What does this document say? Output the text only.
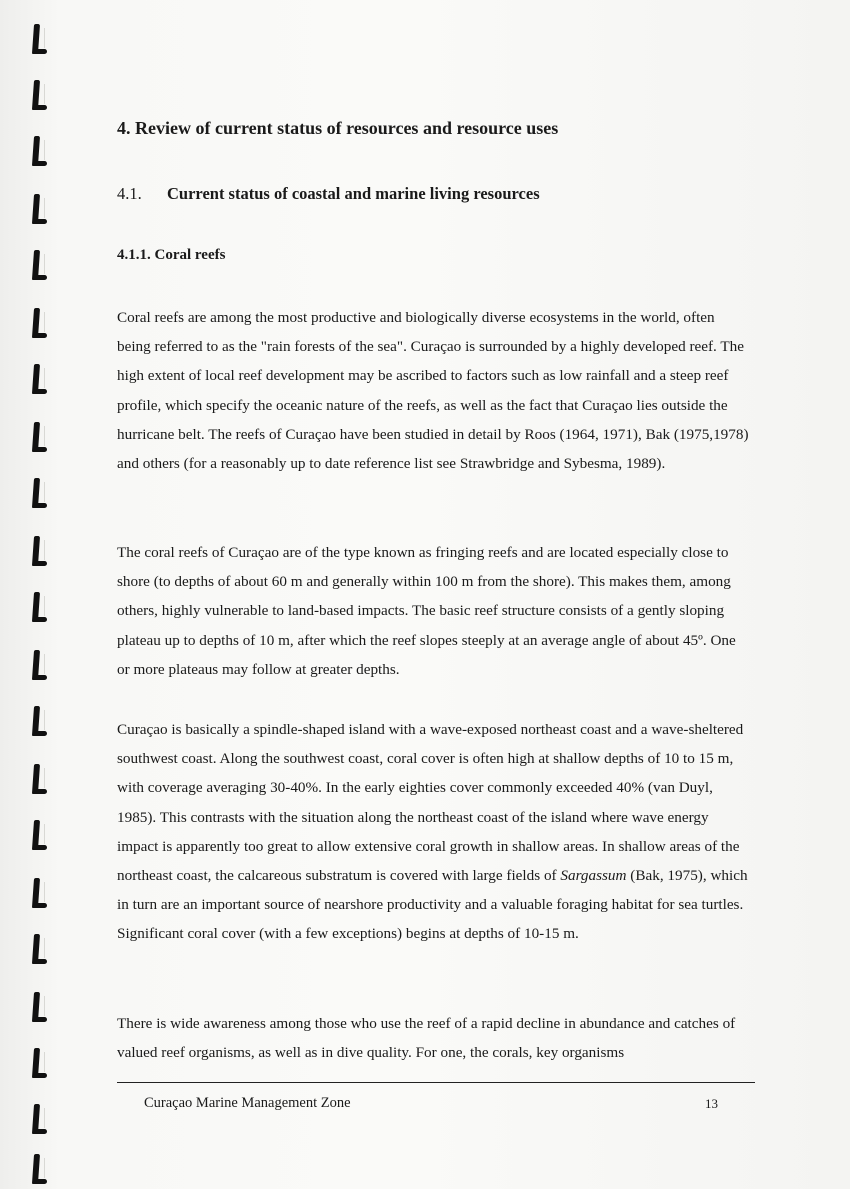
4. Review of current status of resources and resource uses
4.1. Current status of coastal and marine living resources
4.1.1. Coral reefs

Coral reefs are among the most productive and biologically diverse ecosystems in the world, often being referred to as the "rain forests of the sea". Curaçao is surrounded by a highly developed reef. The high extent of local reef development may be ascribed to factors such as low rainfall and a steep reef profile, which specify the oceanic nature of the reefs, as well as the fact that Curaçao lies outside the hurricane belt. The reefs of Curaçao have been studied in detail by Roos (1964, 1971), Bak (1975,1978) and others (for a reasonably up to date reference list see Strawbridge and Sybesma, 1989).

The coral reefs of Curaçao are of the type known as fringing reefs and are located especially close to shore (to depths of about 60 m and generally within 100 m from the shore). This makes them, among others, highly vulnerable to land-based impacts. The basic reef structure consists of a gently sloping plateau up to depths of 10 m, after which the reef slopes steeply at an average angle of about 45º. One or more plateaus may follow at greater depths.

Curaçao is basically a spindle-shaped island with a wave-exposed northeast coast and a wave-sheltered southwest coast. Along the southwest coast, coral cover is often high at shallow depths of 10 to 15 m, with coverage averaging 30-40%. In the early eighties cover commonly exceeded 40% (van Duyl, 1985). This contrasts with the situation along the northeast coast of the island where wave energy impact is apparently too great to allow extensive coral growth in shallow areas. In shallow areas of the northeast coast, the calcareous substratum is covered with large fields of Sargassum (Bak, 1975), which in turn are an important source of nearshore productivity and a valuable foraging habitat for sea turtles. Significant coral cover (with a few exceptions) begins at depths of 10-15 m.

There is wide awareness among those who use the reef of a rapid decline in abundance and catches of valued reef organisms, as well as in dive quality. For one, the corals, key organisms

Curaçao Marine Management Zone	13
